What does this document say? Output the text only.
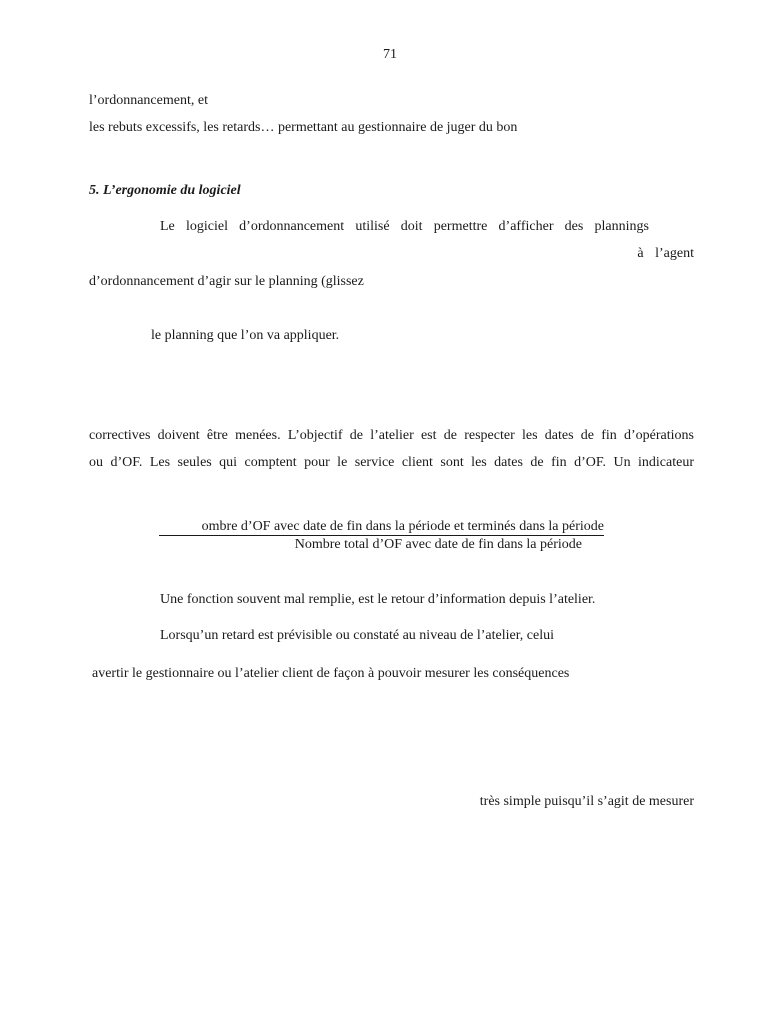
71
l’ordonnancement, et
les rebuts excessifs, les retards… permettant au gestionnaire de juger du bon
5. L’ergonomie du logiciel
Le logiciel d’ordonnancement utilisé doit permettre d’afficher des plannings
à l’agent
d’ordonnancement d’agir sur le planning (glissez
le planning que l’on va appliquer.
correctives doivent être menées. L’objectif de l’atelier est de respecter les dates de fin d’opérations
ou d’OF. Les seules qui comptent pour le service client sont les dates de fin d’OF. Un indicateur
ombre d’OF avec date de fin dans la période et terminés dans la période
Nombre total d’OF avec date de fin dans la période
Une fonction souvent mal remplie, est le retour d’information depuis l’atelier.
Lorsqu’un retard est prévisible ou constaté au niveau de l’atelier, celui
avertir le gestionnaire ou l’atelier client de façon à pouvoir mesurer les conséquences
très simple puisqu’il s’agit de mesurer
